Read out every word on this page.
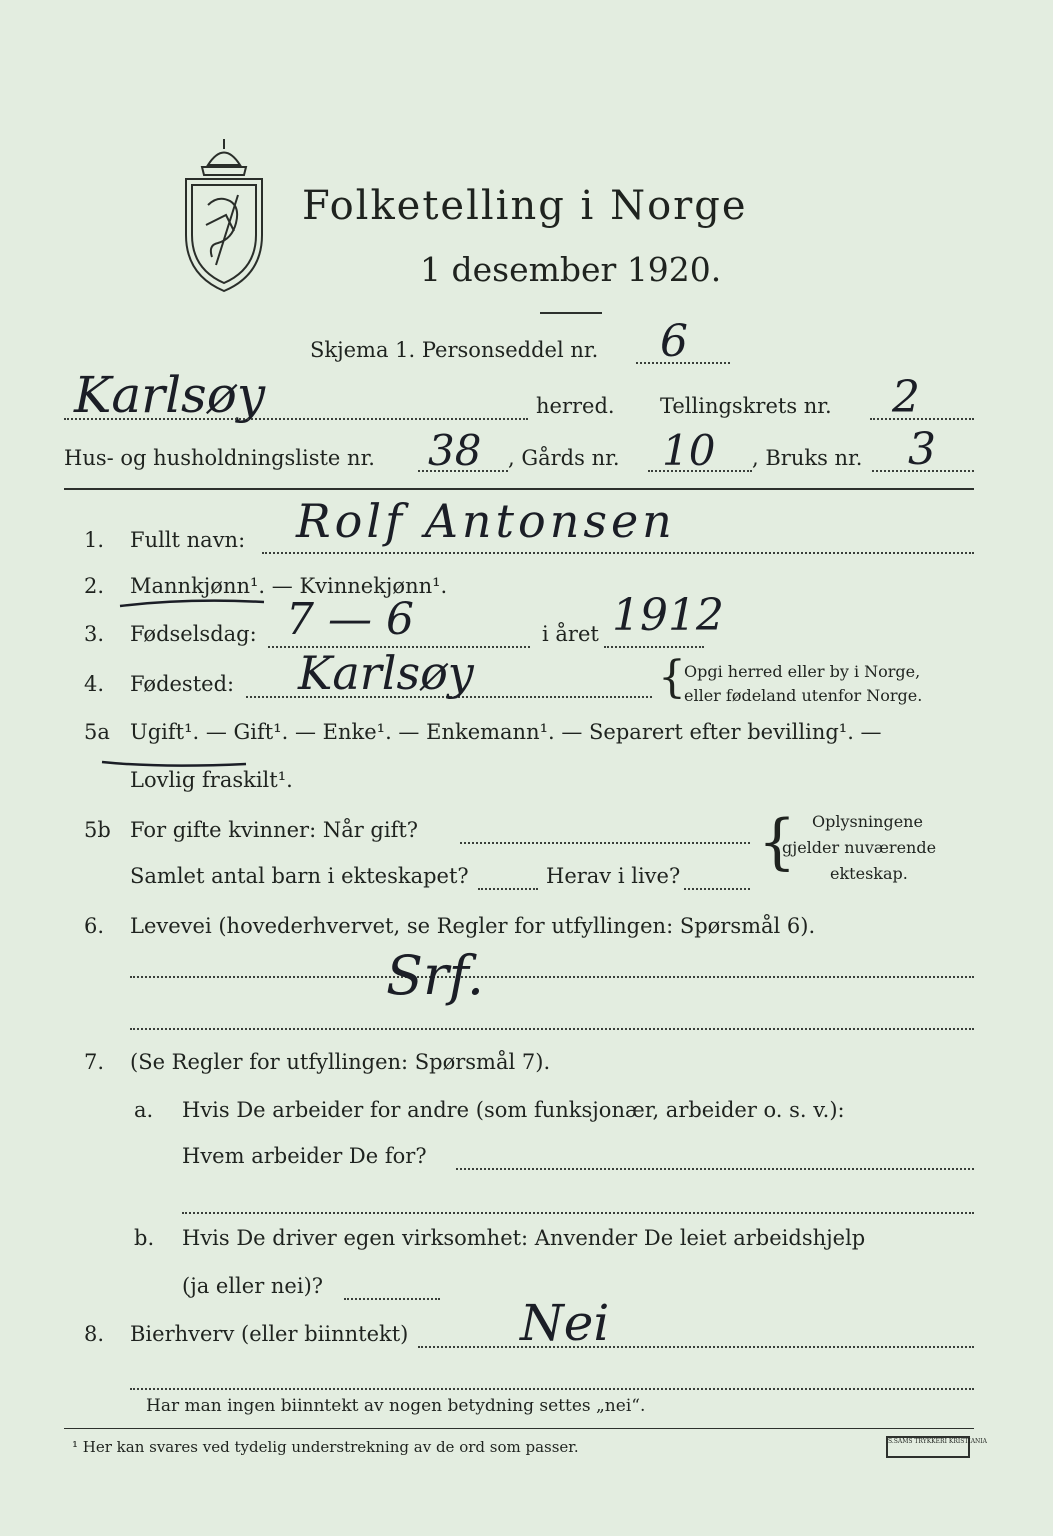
Folketelling i Norge
1 desember 1920.
Skjema 1. Personseddel nr. 6
Karlsøy	herred. Tellingskrets nr. 2
Hus- og husholdningsliste nr. 38 , Gårds nr. 10 , Bruks nr. 3
1. Fullt navn: Rolf Antonsen
2. Mannkjønn¹. — Kvinnekjønn¹.
3. Fødselsdag: 7 — 6	i året 1912
4. Fødested: Karlsøy	{
Opgi herred eller by i Norge,
eller fødeland utenfor Norge.
5a Ugift¹. — Gift¹. — Enke¹. — Enkemann¹. — Separert efter bevilling¹. —
Lovlig fraskilt¹.
5b For gifte kvinner: Når gift?
Samlet antal barn i ekteskapet?	Herav i live? { Oplysningene
gjelder nuværende
ekteskap.
6. Levevei (hovederhvervet, se Regler for utfyllingen: Spørsmål 6).
Srf.
7. (Se Regler for utfyllingen: Spørsmål 7).
a. Hvis De arbeider for andre (som funksjonær, arbeider o. s. v.):
Hvem arbeider De for?
b. Hvis De driver egen virksomhet: Anvender De leiet arbeidshjelp
(ja eller nei)?
8. Bierhverv (eller biinntekt) Nei
Har man ingen biinntekt av nogen betydning settes „nei“.
¹ Her kan svares ved tydelig understrekning av de ord som passer.	S.SAMS TRYKKERI KRISTIANIA
